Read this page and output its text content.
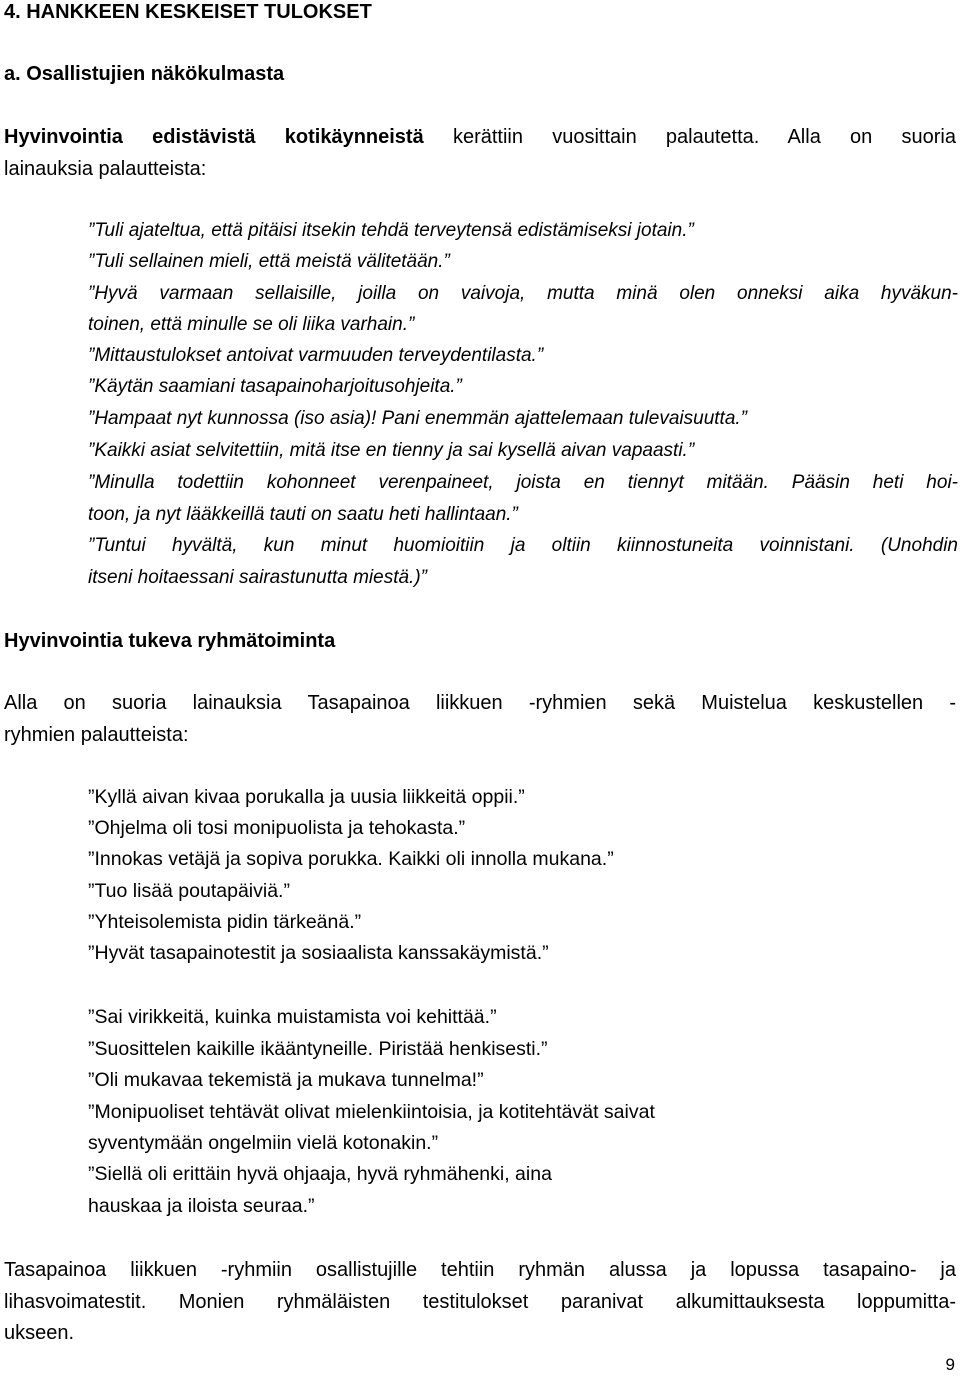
4. HANKKEEN KESKEISET TULOKSET
a. Osallistujien näkökulmasta
Hyvinvointia edistävistä kotikäynneistä kerättiin vuosittain palautetta. Alla on suoria
lainauksia palautteista:
”Tuli ajateltua, että pitäisi itsekin tehdä terveytensä edistämiseksi jotain.”
”Tuli sellainen mieli, että meistä välitetään.”
”Hyvä varmaan sellaisille, joilla on vaivoja, mutta minä olen onneksi aika hyväkun-
toinen, että minulle se oli liika varhain.”
”Mittaustulokset antoivat varmuuden terveydentilasta.”
”Käytän saamiani tasapainoharjoitusohjeita.”
”Hampaat nyt kunnossa (iso asia)! Pani enemmän ajattelemaan tulevaisuutta.”
”Kaikki asiat selvitettiin, mitä itse en tienny ja sai kysellä aivan vapaasti.”
”Minulla todettiin kohonneet verenpaineet, joista en tiennyt mitään. Pääsin heti hoi-
toon, ja nyt lääkkeillä tauti on saatu heti hallintaan.”
”Tuntui hyvältä, kun minut huomioitiin ja oltiin kiinnostuneita voinnistani. (Unohdin
itseni hoitaessani sairastunutta miestä.)”
Hyvinvointia tukeva ryhmätoiminta
Alla on suoria lainauksia Tasapainoa liikkuen -ryhmien sekä Muistelua keskustellen -
ryhmien palautteista:
”Kyllä aivan kivaa porukalla ja uusia liikkeitä oppii.”
”Ohjelma oli tosi monipuolista ja tehokasta.”
”Innokas vetäjä ja sopiva porukka. Kaikki oli innolla mukana.”
”Tuo lisää poutapäiviä.”
”Yhteisolemista pidin tärkeänä.”
”Hyvät tasapainotestit ja sosiaalista kanssakäymistä.”
”Sai virikkeitä, kuinka muistamista voi kehittää.”
”Suosittelen kaikille ikääntyneille. Piristää henkisesti.”
”Oli mukavaa tekemistä ja mukava tunnelma!”
”Monipuoliset tehtävät olivat mielenkiintoisia, ja kotitehtävät saivat
syventymään ongelmiin vielä kotonakin.”
”Siellä oli erittäin hyvä ohjaaja, hyvä ryhmähenki, aina
hauskaa ja iloista seuraa.”
Tasapainoa liikkuen -ryhmiin osallistujille tehtiin ryhmän alussa ja lopussa tasapaino- ja
lihasvoimatestit. Monien ryhmäläisten testitulokset paranivat alkumittauksesta loppumitta-
ukseen.
9
